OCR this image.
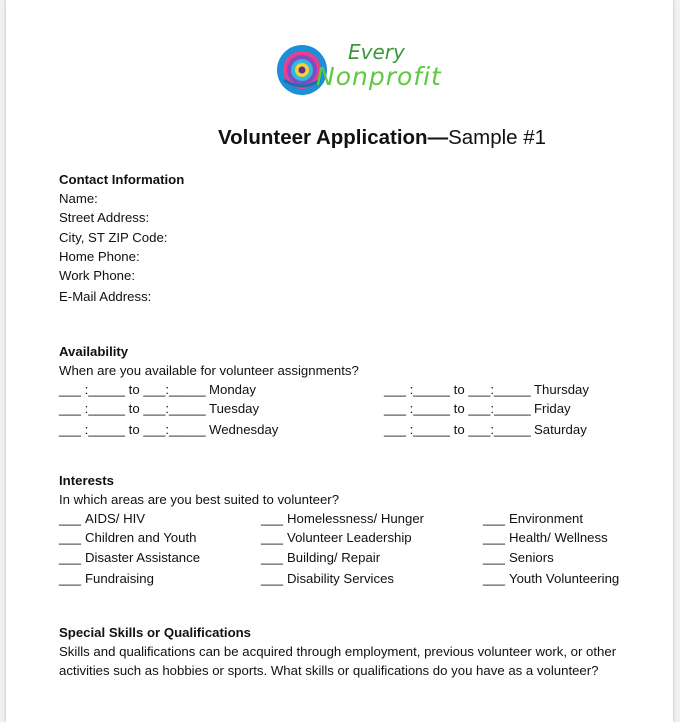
Every
Nonprofit
Volunteer Application—Sample #1
Contact Information
Name:
Street Address:
City, ST ZIP Code:
Home Phone:
Work Phone:
E-Mail Address:
Availability
When are you available for volunteer assignments?
___ :_____ to ___:_____ Monday
___ :_____ to ___:_____ Tuesday
___ :_____ to ___:_____ Wednesday
___ :_____ to ___:_____ Thursday
___ :_____ to ___:_____ Friday
___ :_____ to ___:_____ Saturday
Interests
In which areas are you best suited to volunteer?
___ AIDS/ HIV
___ Children and Youth
___ Disaster Assistance
___ Fundraising
___ Homelessness/ Hunger
___ Volunteer Leadership
___ Building/ Repair
___ Disability Services
___ Environment
___ Health/ Wellness
___ Seniors
___ Youth Volunteering
Special Skills or Qualifications
Skills and qualifications can be acquired through employment, previous volunteer work, or other
activities such as hobbies or sports. What skills or qualifications do you have as a volunteer?
